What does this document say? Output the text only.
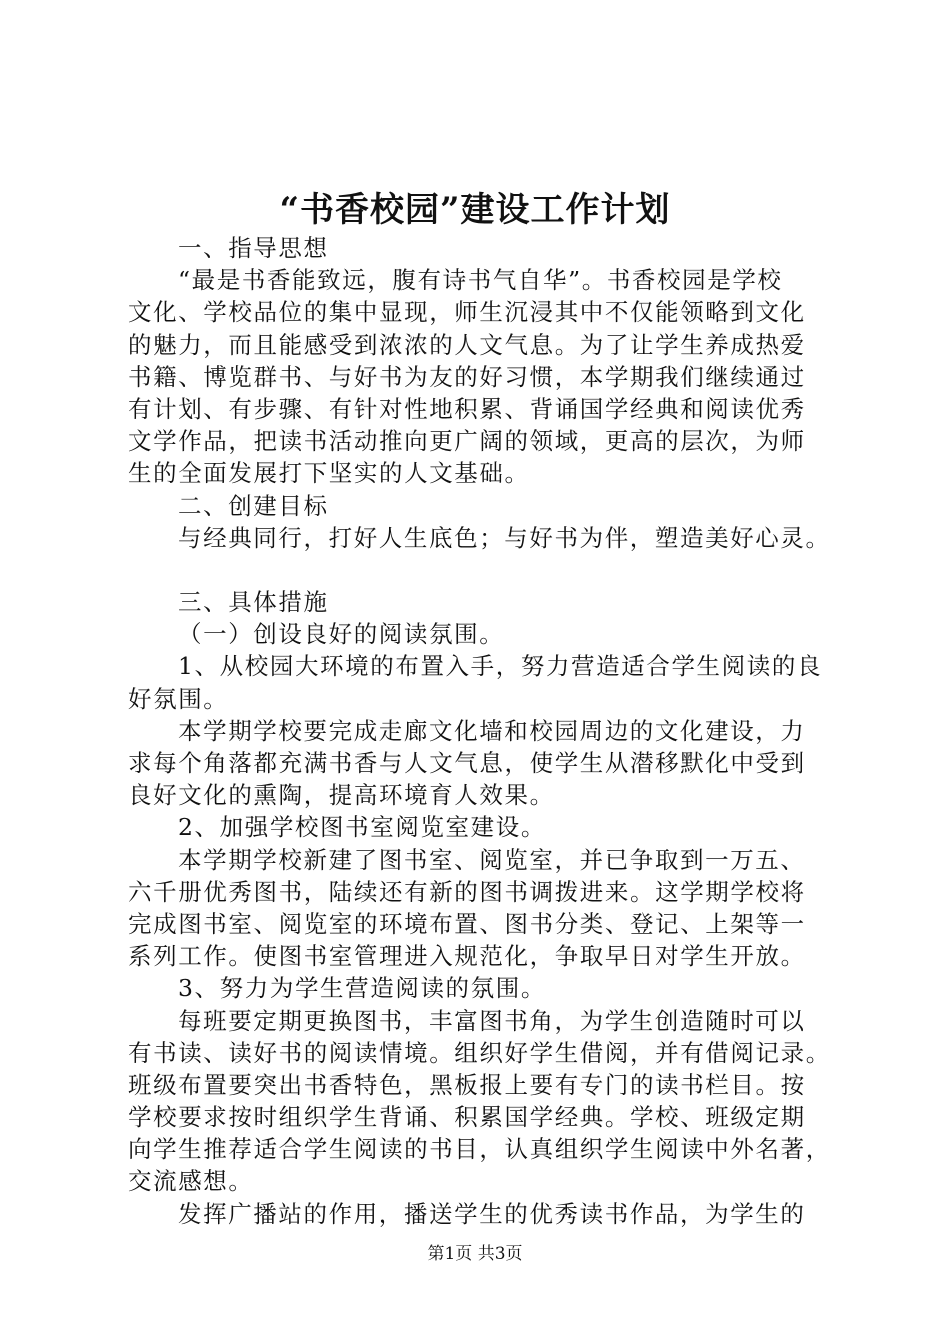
“书香校园”建设工作计划
一、指导思想
“最是书香能致远，腹有诗书气自华”。书香校园是学校
文化、学校品位的集中显现，师生沉浸其中不仅能领略到文化
的魅力，而且能感受到浓浓的人文气息。为了让学生养成热爱
书籍、博览群书、与好书为友的好习惯，本学期我们继续通过
有计划、有步骤、有针对性地积累、背诵国学经典和阅读优秀
文学作品，把读书活动推向更广阔的领域，更高的层次，为师
生的全面发展打下坚实的人文基础。
二、创建目标
与经典同行，打好人生底色；与好书为伴，塑造美好心灵。
三、具体措施
（一）创设良好的阅读氛围。
1、从校园大环境的布置入手，努力营造适合学生阅读的良
好氛围。
本学期学校要完成走廊文化墙和校园周边的文化建设，力
求每个角落都充满书香与人文气息，使学生从潜移默化中受到
良好文化的熏陶，提高环境育人效果。
2、加强学校图书室阅览室建设。
本学期学校新建了图书室、阅览室，并已争取到一万五、
六千册优秀图书，陆续还有新的图书调拨进来。这学期学校将
完成图书室、阅览室的环境布置、图书分类、登记、上架等一
系列工作。使图书室管理进入规范化，争取早日对学生开放。
3、努力为学生营造阅读的氛围。
每班要定期更换图书，丰富图书角，为学生创造随时可以
有书读、读好书的阅读情境。组织好学生借阅，并有借阅记录。
班级布置要突出书香特色，黑板报上要有专门的读书栏目。按
学校要求按时组织学生背诵、积累国学经典。学校、班级定期
向学生推荐适合学生阅读的书目，认真组织学生阅读中外名著，
交流感想。
发挥广播站的作用，播送学生的优秀读书作品，为学生的
第1页 共3页
